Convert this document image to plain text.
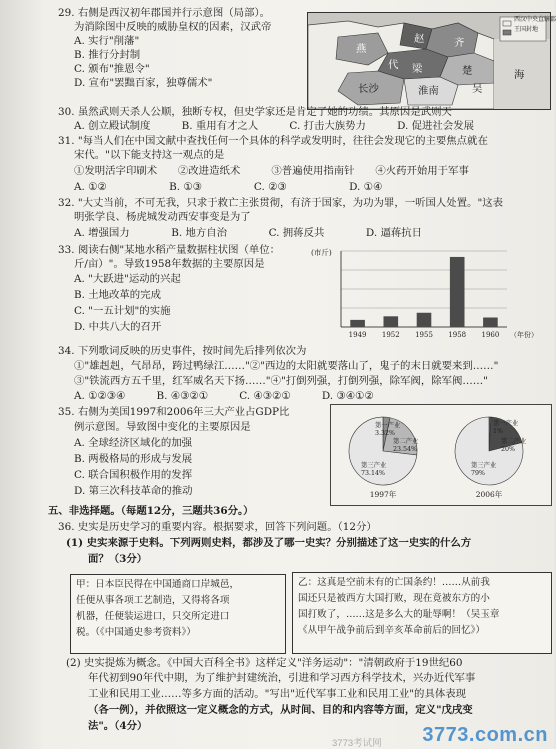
29. 右侧是西汉初年郡国并行示意图（局部）。
为消除图中反映的威胁皇权的因素，汉武帝
A. 实行"削藩"
B. 推行分封制
C. 颁布"推恩令"
D. 宣布"罢黜百家，独尊儒术"
西汉中央直辖郡
王国封地
燕	齐
代
赵
梁	楚
淮南
长沙	吴
海
30. 虽然武则天杀人公顺，独断专权，但史学家还是肯定了她的功绩。其原因是武则天
A. 创立殿试制度　　　B. 重用有才之人　　　C. 打击大族势力　　　D. 促进社会发展
31. "每当人们在中国文献中查找任何一个具体的科学或发明时，往往会发现它的主要焦点就在
宋代。"以下能支持这一观点的是
①发明活字印刷术　　②改进造纸术　　　③普遍使用指南针　　④火药开始用于军事
A. ①②　　　　　　B. ①③　　　　　C. ②③　　　　　　D. ①④
32. "大丈当前，不可无我，只求于救亡主张贯彻，有济于国家，为功为罪，一听国人处置。"这表
明张学良、杨虎城发动西安事变是为了
A. 增强国力　　　　B. 地方自治　　　　C. 拥蒋反共　　　　D. 逼蒋抗日
33. 阅读右侧"某地水稻产量数据柱状图（单位：
斤/亩）"。导致1958年数据的主要原因是
A. "大跃进"运动的兴起
B. 土地改革的完成
C. "一五计划"的实施
D. 中共八大的召开
(市斤)
1949 1952 1955 1958 1960 （年份）
34. 下列歌词反映的历史事件，按时间先后排列依次为
①"雄赳赳，气昂昂，跨过鸭绿江……"②"西边的太阳就要落山了，鬼子的末日就要来到……"
③"铁流西方五千里，红军威名天下扬……"④"打倒列强，打倒列强，除军阀，除军阀……"
A. ①②③④　　　B. ④③②①　　　C. ④③②①　　　D. ③④①②
35. 右侧为美国1997和2006年三大产业占GDP比
例示意图。导致图中变化的主要原因是
A. 全球经济区域化的加强
B. 两极格局的形成与发展
C. 联合国积极作用的发挥
D. 第三次科技革命的推动	1997年	2006年
第一产业
3.32%
第二产业
23.54%
第三产业
73.14%
第一产业
1%
第二产业
20%
第三产业
79%
五、非选择题。（每题12分，三题共36分。）
36. 史实是历史学习的重要内容。根据要求，回答下列问题。（12分）
(1) 史实来源于史料。下列两则史料，都涉及了哪一史实？分别描述了这一史实的什么方
面？（3分）
甲：日本臣民得在中国通商口岸城邑，
任便从事各项工艺制造，又得将各项
机器，任便装运进口，只交所定进口
税。（《中国通史参考资料》）
乙：这真是空前未有的亡国条约！……从前我
国还只是被西方大国打败，现在竟被东方的小
国打败了，……这是多么大的耻辱啊！（吴玉章
《从甲午战争前后到辛亥革命前后的回忆》）
(2) 史实提炼为概念。《中国大百科全书》这样定义"洋务运动"："清朝政府于19世纪60
年代初到90年代中期，为了维护封建统治，引进和学习西方科学技术，兴办近代军事
工业和民用工业……等多方面的活动。"写出"近代军事工业和民用工业"的具体表现
（各一例），并依照这一定义概念的方式，从时间、目的和内容等方面，定义"戊戌变
法"。（4分）	3773.com.cn
3773考试网
